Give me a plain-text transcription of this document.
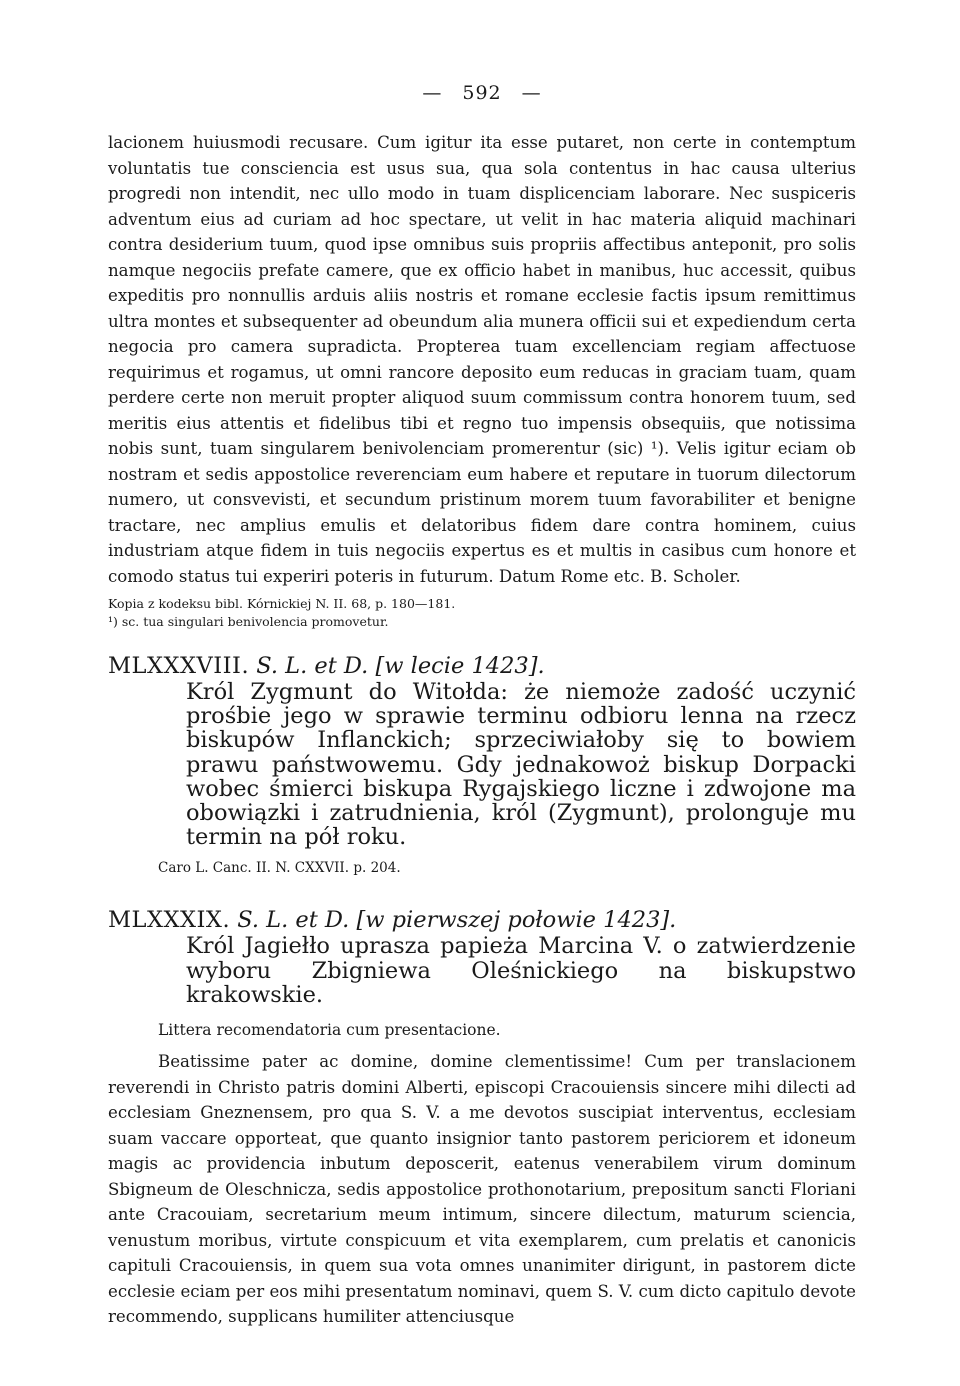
— 592 —

lacionem huiusmodi recusare. Cum igitur ita esse putaret, non certe in contemptum voluntatis tue consciencia est usus sua, qua sola contentus in hac causa ulterius progredi non intendit, nec ullo modo in tuam displicenciam laborare. Nec suspiceris adventum eius ad curiam ad hoc spectare, ut velit in hac materia aliquid machinari contra desiderium tuum, quod ipse omnibus suis propriis affectibus anteponit, pro solis namque negociis prefate camere, que ex officio habet in manibus, huc accessit, quibus expeditis pro nonnullis arduis aliis nostris et romane ecclesie factis ipsum remittimus ultra montes et subsequenter ad obeundum alia munera officii sui et expediendum certa negocia pro camera supradicta. Propterea tuam excellenciam regiam affectuose requirimus et rogamus, ut omni rancore deposito eum reducas in graciam tuam, quam perdere certe non meruit propter aliquod suum commissum contra honorem tuum, sed meritis eius attentis et fidelibus tibi et regno tuo impensis obsequiis, que notissima nobis sunt, tuam singularem benivolenciam promerentur (sic) ¹). Velis igitur eciam ob nostram et sedis appostolice reverenciam eum habere et reputare in tuorum dilectorum numero, ut consvevisti, et secundum pristinum morem tuum favorabiliter et benigne tractare, nec amplius emulis et delatoribus fidem dare contra hominem, cuius industriam atque fidem in tuis negociis expertus es et multis in casibus cum honore et comodo status tui experiri poteris in futurum. Datum Rome etc. B. Scholer.

Kopia z kodeksu bibl. Kórnickiej N. II. 68, p. 180—181.

¹) sc. tua singulari benivolencia promovetur.

MLXXXVIII. S. L. et D. [w lecie 1423].

Król Zygmunt do Witołda: że niemoże zadość uczynić prośbie jego w sprawie terminu odbioru lenna na rzecz biskupów Inflanckich; sprzeciwiałoby się to bowiem prawu państwowemu. Gdy jednakowoż biskup Dorpacki wobec śmierci biskupa Rygajskiego liczne i zdwojone ma obowiązki i zatrudnienia, król (Zygmunt), prolonguje mu termin na pół roku.

Caro L. Canc. II. N. CXXVII. p. 204.

MLXXXIX. S. L. et D. [w pierwszej połowie 1423].

Król Jagiełło uprasza papieża Marcina V. o zatwierdzenie wyboru Zbigniewa Oleśnickiego na biskupstwo krakowskie.

Littera recomendatoria cum presentacione.

Beatissime pater ac domine, domine clementissime! Cum per translacionem reverendi in Christo patris domini Alberti, episcopi Cracouiensis sincere mihi dilecti ad ecclesiam Gneznensem, pro qua S. V. a me devotos suscipiat interventus, ecclesiam suam vaccare opporteat, que quanto insignior tanto pastorem periciorem et idoneum magis ac providencia inbutum deposcerit, eatenus venerabilem virum dominum Sbigneum de Oleschnicza, sedis appostolice prothonotarium, prepositum sancti Floriani ante Cracouiam, secretarium meum intimum, sincere dilectum, maturum sciencia, venustum moribus, virtute conspicuum et vita exemplarem, cum prelatis et canonicis capituli Cracouiensis, in quem sua vota omnes unanimiter dirigunt, in pastorem dicte ecclesie eciam per eos mihi presentatum nominavi, quem S. V. cum dicto capitulo devote recommendo, supplicans humiliter attenciusque
